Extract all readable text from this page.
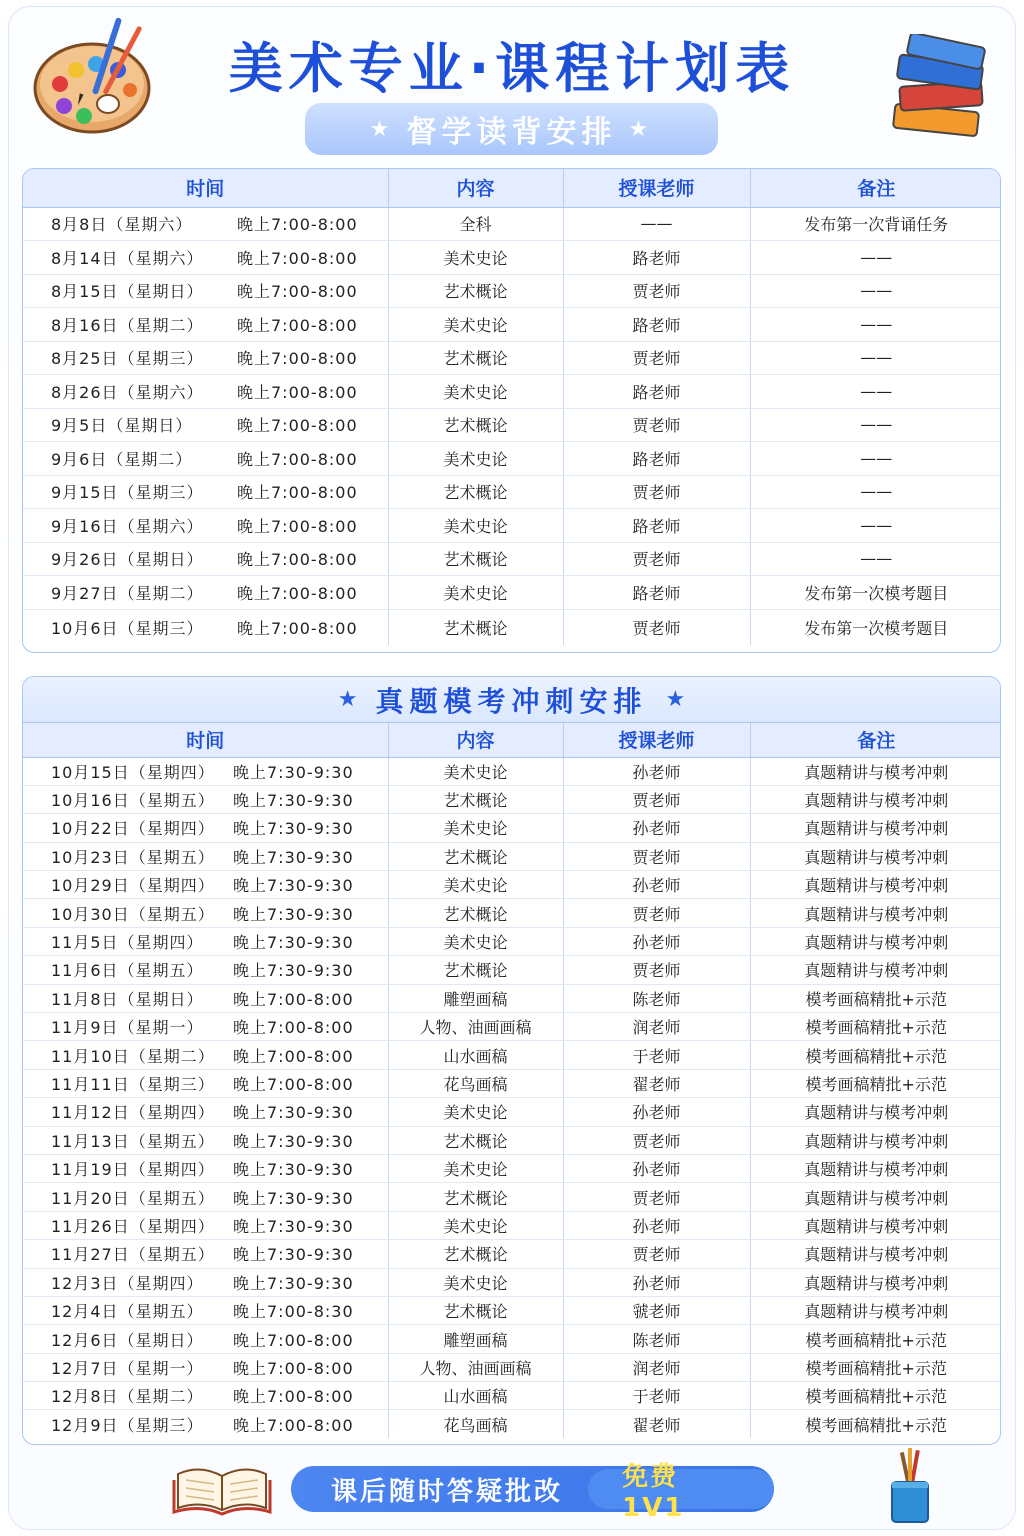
美术专业·课程计划表
★ 督学读背安排 ★
时间	内容	授课老师	备注
8月8日（星期六） 晚上7:00-8:00	全科	——	发布第一次背诵任务
8月14日（星期六） 晚上7:00-8:00	美术史论	路老师	——
8月15日（星期日） 晚上7:00-8:00	艺术概论	贾老师	——
8月16日（星期二） 晚上7:00-8:00	美术史论	路老师	——
8月25日（星期三） 晚上7:00-8:00	艺术概论	贾老师	——
8月26日（星期六） 晚上7:00-8:00	美术史论	路老师	——
9月5日（星期日） 晚上7:00-8:00	艺术概论	贾老师	——
9月6日（星期二） 晚上7:00-8:00	美术史论	路老师	——
9月15日（星期三） 晚上7:00-8:00	艺术概论	贾老师	——
9月16日（星期六） 晚上7:00-8:00	美术史论	路老师	——
9月26日（星期日） 晚上7:00-8:00	艺术概论	贾老师	——
9月27日（星期二） 晚上7:00-8:00	美术史论	路老师	发布第一次模考题目
10月6日（星期三） 晚上7:00-8:00	艺术概论	贾老师	发布第一次模考题目
★ 真题模考冲刺安排 ★
时间	内容	授课老师	备注
10月15日（星期四） 晚上7:30-9:30	美术史论	孙老师	真题精讲与模考冲刺
10月16日（星期五） 晚上7:30-9:30	艺术概论	贾老师	真题精讲与模考冲刺
10月22日（星期四） 晚上7:30-9:30	美术史论	孙老师	真题精讲与模考冲刺
10月23日（星期五） 晚上7:30-9:30	艺术概论	贾老师	真题精讲与模考冲刺
10月29日（星期四） 晚上7:30-9:30	美术史论	孙老师	真题精讲与模考冲刺
10月30日（星期五） 晚上7:30-9:30	艺术概论	贾老师	真题精讲与模考冲刺
11月5日（星期四） 晚上7:30-9:30	美术史论	孙老师	真题精讲与模考冲刺
11月6日（星期五） 晚上7:30-9:30	艺术概论	贾老师	真题精讲与模考冲刺
11月8日（星期日） 晚上7:00-8:00	雕塑画稿	陈老师	模考画稿精批+示范
11月9日（星期一） 晚上7:00-8:00	人物、油画画稿	润老师	模考画稿精批+示范
11月10日（星期二） 晚上7:00-8:00	山水画稿	于老师	模考画稿精批+示范
11月11日（星期三） 晚上7:00-8:00	花鸟画稿	翟老师	模考画稿精批+示范
11月12日（星期四） 晚上7:30-9:30	美术史论	孙老师	真题精讲与模考冲刺
11月13日（星期五） 晚上7:30-9:30	艺术概论	贾老师	真题精讲与模考冲刺
11月19日（星期四） 晚上7:30-9:30	美术史论	孙老师	真题精讲与模考冲刺
11月20日（星期五） 晚上7:30-9:30	艺术概论	贾老师	真题精讲与模考冲刺
11月26日（星期四） 晚上7:30-9:30	美术史论	孙老师	真题精讲与模考冲刺
11月27日（星期五） 晚上7:30-9:30	艺术概论	贾老师	真题精讲与模考冲刺
12月3日（星期四） 晚上7:30-9:30	美术史论	孙老师	真题精讲与模考冲刺
12月4日（星期五） 晚上7:00-8:30	艺术概论	虢老师	真题精讲与模考冲刺
12月6日（星期日） 晚上7:00-8:00	雕塑画稿	陈老师	模考画稿精批+示范
12月7日（星期一） 晚上7:00-8:00	人物、油画画稿	润老师	模考画稿精批+示范
12月8日（星期二） 晚上7:00-8:00	山水画稿	于老师	模考画稿精批+示范
12月9日（星期三） 晚上7:00-8:00	花鸟画稿	翟老师	模考画稿精批+示范
课后随时答疑批改	免费1V1
